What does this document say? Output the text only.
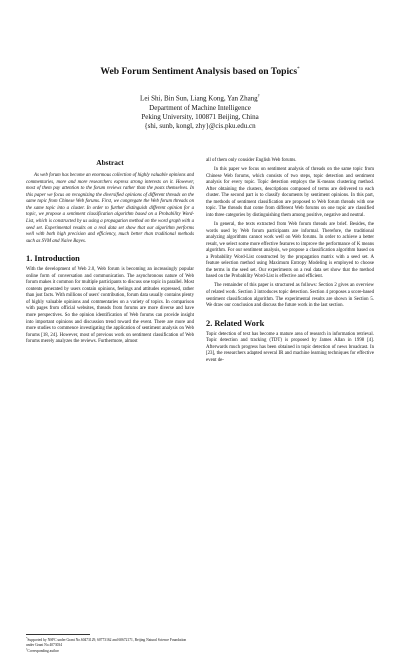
Web Forum Sentiment Analysis based on Topics*
Lei Shi, Bin Sun, Liang Kong, Yan Zhang†
Department of Machine Intelligence
Peking University, 100871 Beijing, China
{shi, sunb, kongl, zhy}@cis.pku.edu.cn
Abstract

As web forum has become an enormous collection of highly valuable opinions and commentaries, more and more researchers express strong interests on it. However, most of them pay attention to the forum reviews rather than the posts themselves. In this paper we focus on recognizing the diversified opinions of different threads on the same topic from Chinese Web forums. First, we congregate the Web forum threads on the same topic into a cluster. In order to further distinguish different opinion for a topic, we propose a sentiment classification algorithm based on a Probability Word-List, which is constructed by us using a propagation method on the word graph with a seed set. Experimental results on a real data set show that our algorithm performs well with both high precision and efficiency, much better than traditional methods such as SVM and Naive Bayes.

1. Introduction

With the development of Web 2.0, Web forum is becoming an increasingly popular online form of conversation and communication. The asynchronous nature of Web forum makes it common for multiple participants to discuss one topic in parallel. Most contents generated by users contain opinions, feelings and attitudes expressed, rather than just facts. With millions of users' contribution, forum data usually contains plenty of highly valuable opinions and commentaries on a variety of topics. In comparison with pages from official websites, threads from forums are more diverse and have more perspectives. So the opinion identification of Web forums can provide insight into important opinions and discussion trend toward the event. There are more and more studies to commence investigating the application of sentiment analysis on Web forums [18, 24]. However, most of previous work on sentiment classification of Web forums merely analyzes the reviews. Furthermore, almost

*Supported by NSFC under Grant No.60473129, 60773162 and 60672171, Beijing Natural Science Foundation under Grant No.4073034

†Corresponding author

all of them only consider English Web forums.

In this paper we focus on sentiment analysis of threads on the same topic from Chinese Web forums, which consists of two steps, topic detection and sentiment analysis for every topic. Topic detection employs the K-means clustering method. After obtaining the clusters, descriptions composed of terms are delivered to each cluster. The second part is to classify documents by sentiment opinions. In this part, the methods of sentiment classification are proposed to Web forum threads with one topic. The threads that come from different Web forums on one topic are classified into three categories by distinguishing them among positive, negative and neutral.

In general, the texts extracted from Web forum threads are brief. Besides, the words used by Web forum participants are informal. Therefore, the traditional analyzing algorithms cannot work well on Web forums. In order to achieve a better result, we select some more effective features to improve the performance of K means algorithm. For our sentiment analysis, we propose a classification algorithm based on a Probability Word-List constructed by the propagation matrix with a seed set. A feature selection method using Maximum Entropy Modeling is employed to choose the terms in the seed set. Our experiments on a real data set show that the method based on the Probability Word-List is effective and efficient.

The remainder of this paper is structured as follows: Section 2 gives an overview of related work. Section 3 introduces topic detection. Section 4 proposes a score-based sentiment classification algorithm. The experimental results are shown in Section 5. We draw our conclusion and discuss the future work in the last section.

2. Related Work

Topic detection of text has become a mature area of research in information retrieval. Topic detection and tracking (TDT) is proposed by James Allan in 1998 [4]. Afterwards much progress has been obtained in topic detection of news broadcast. In [23], the researchers adapted several IR and machine learning techniques for effective event de-
